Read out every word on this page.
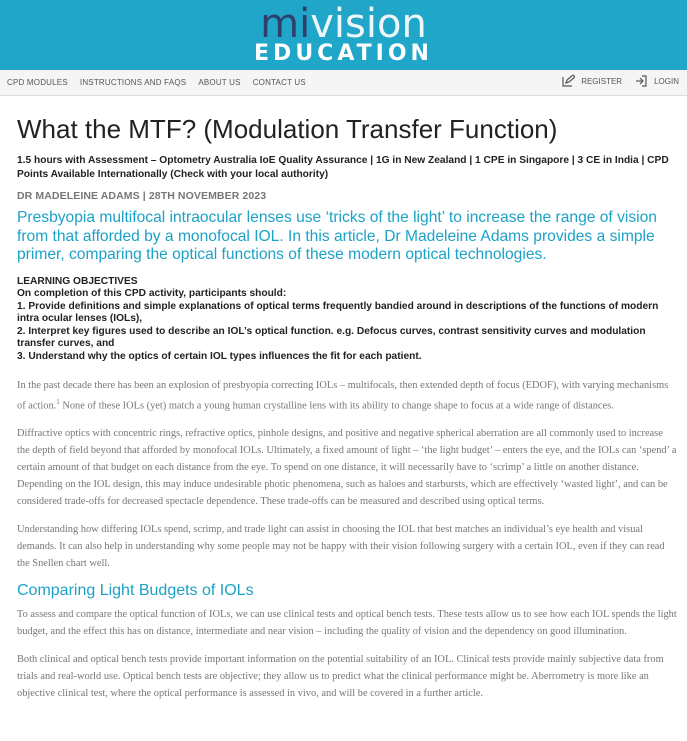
mivision
EDUCATION
CPD MODULES INSTRUCTIONS AND FAQS ABOUT US CONTACT US	REGISTER	LOGIN
What the MTF? (Modulation Transfer Function)
1.5 hours with Assessment – Optometry Australia IoE Quality Assurance | 1G in New Zealand | 1 CPE in Singapore | 3 CE in India | CPD Points Available Internationally (Check with your local authority)
DR MADELEINE ADAMS | 28TH NOVEMBER 2023
Presbyopia multifocal intraocular lenses use ‘tricks of the light’ to increase the range of vision from that afforded by a monofocal IOL. In this article, Dr Madeleine Adams provides a simple primer, comparing the optical functions of these modern optical technologies.
LEARNING OBJECTIVES
On completion of this CPD activity, participants should:
1. Provide definitions and simple explanations of optical terms frequently bandied around in descriptions of the functions of modern intra ocular lenses (IOLs),
2. Interpret key figures used to describe an IOL’s optical function. e.g. Defocus curves, contrast sensitivity curves and modulation transfer curves, and
3. Understand why the optics of certain IOL types influences the fit for each patient.

In the past decade there has been an explosion of presbyopia correcting IOLs – multifocals, then extended depth of focus (EDOF), with varying mechanisms of action.$^1$ None of these IOLs (yet) match a young human crystalline lens with its ability to change shape to focus at a wide range of distances.

Diffractive optics with concentric rings, refractive optics, pinhole designs, and positive and negative spherical aberration are all commonly used to increase the depth of field beyond that afforded by monofocal IOLs. Ultimately, a fixed amount of light – ‘the light budget’ – enters the eye, and the IOLs can ‘spend’ a certain amount of that budget on each distance from the eye. To spend on one distance, it will necessarily have to ‘scrimp’ a little on another distance. Depending on the IOL design, this may induce undesirable photic phenomena, such as haloes and starbursts, which are effectively ‘wasted light’, and can be considered trade-offs for decreased spectacle dependence. These trade-offs can be measured and described using optical terms.

Understanding how differing IOLs spend, scrimp, and trade light can assist in choosing the IOL that best matches an individual’s eye health and visual demands. It can also help in understanding why some people may not be happy with their vision following surgery with a certain IOL, even if they can read the Snellen chart well.

Comparing Light Budgets of IOLs

To assess and compare the optical function of IOLs, we can use clinical tests and optical bench tests. These tests allow us to see how each IOL spends the light budget, and the effect this has on distance, intermediate and near vision – including the quality of vision and the dependency on good illumination.

Both clinical and optical bench tests provide important information on the potential suitability of an IOL. Clinical tests provide mainly subjective data from trials and real-world use. Optical bench tests are objective; they allow us to predict what the clinical performance might be. Aberrometry is more like an objective clinical test, where the optical performance is assessed in vivo, and will be covered in a further article.
